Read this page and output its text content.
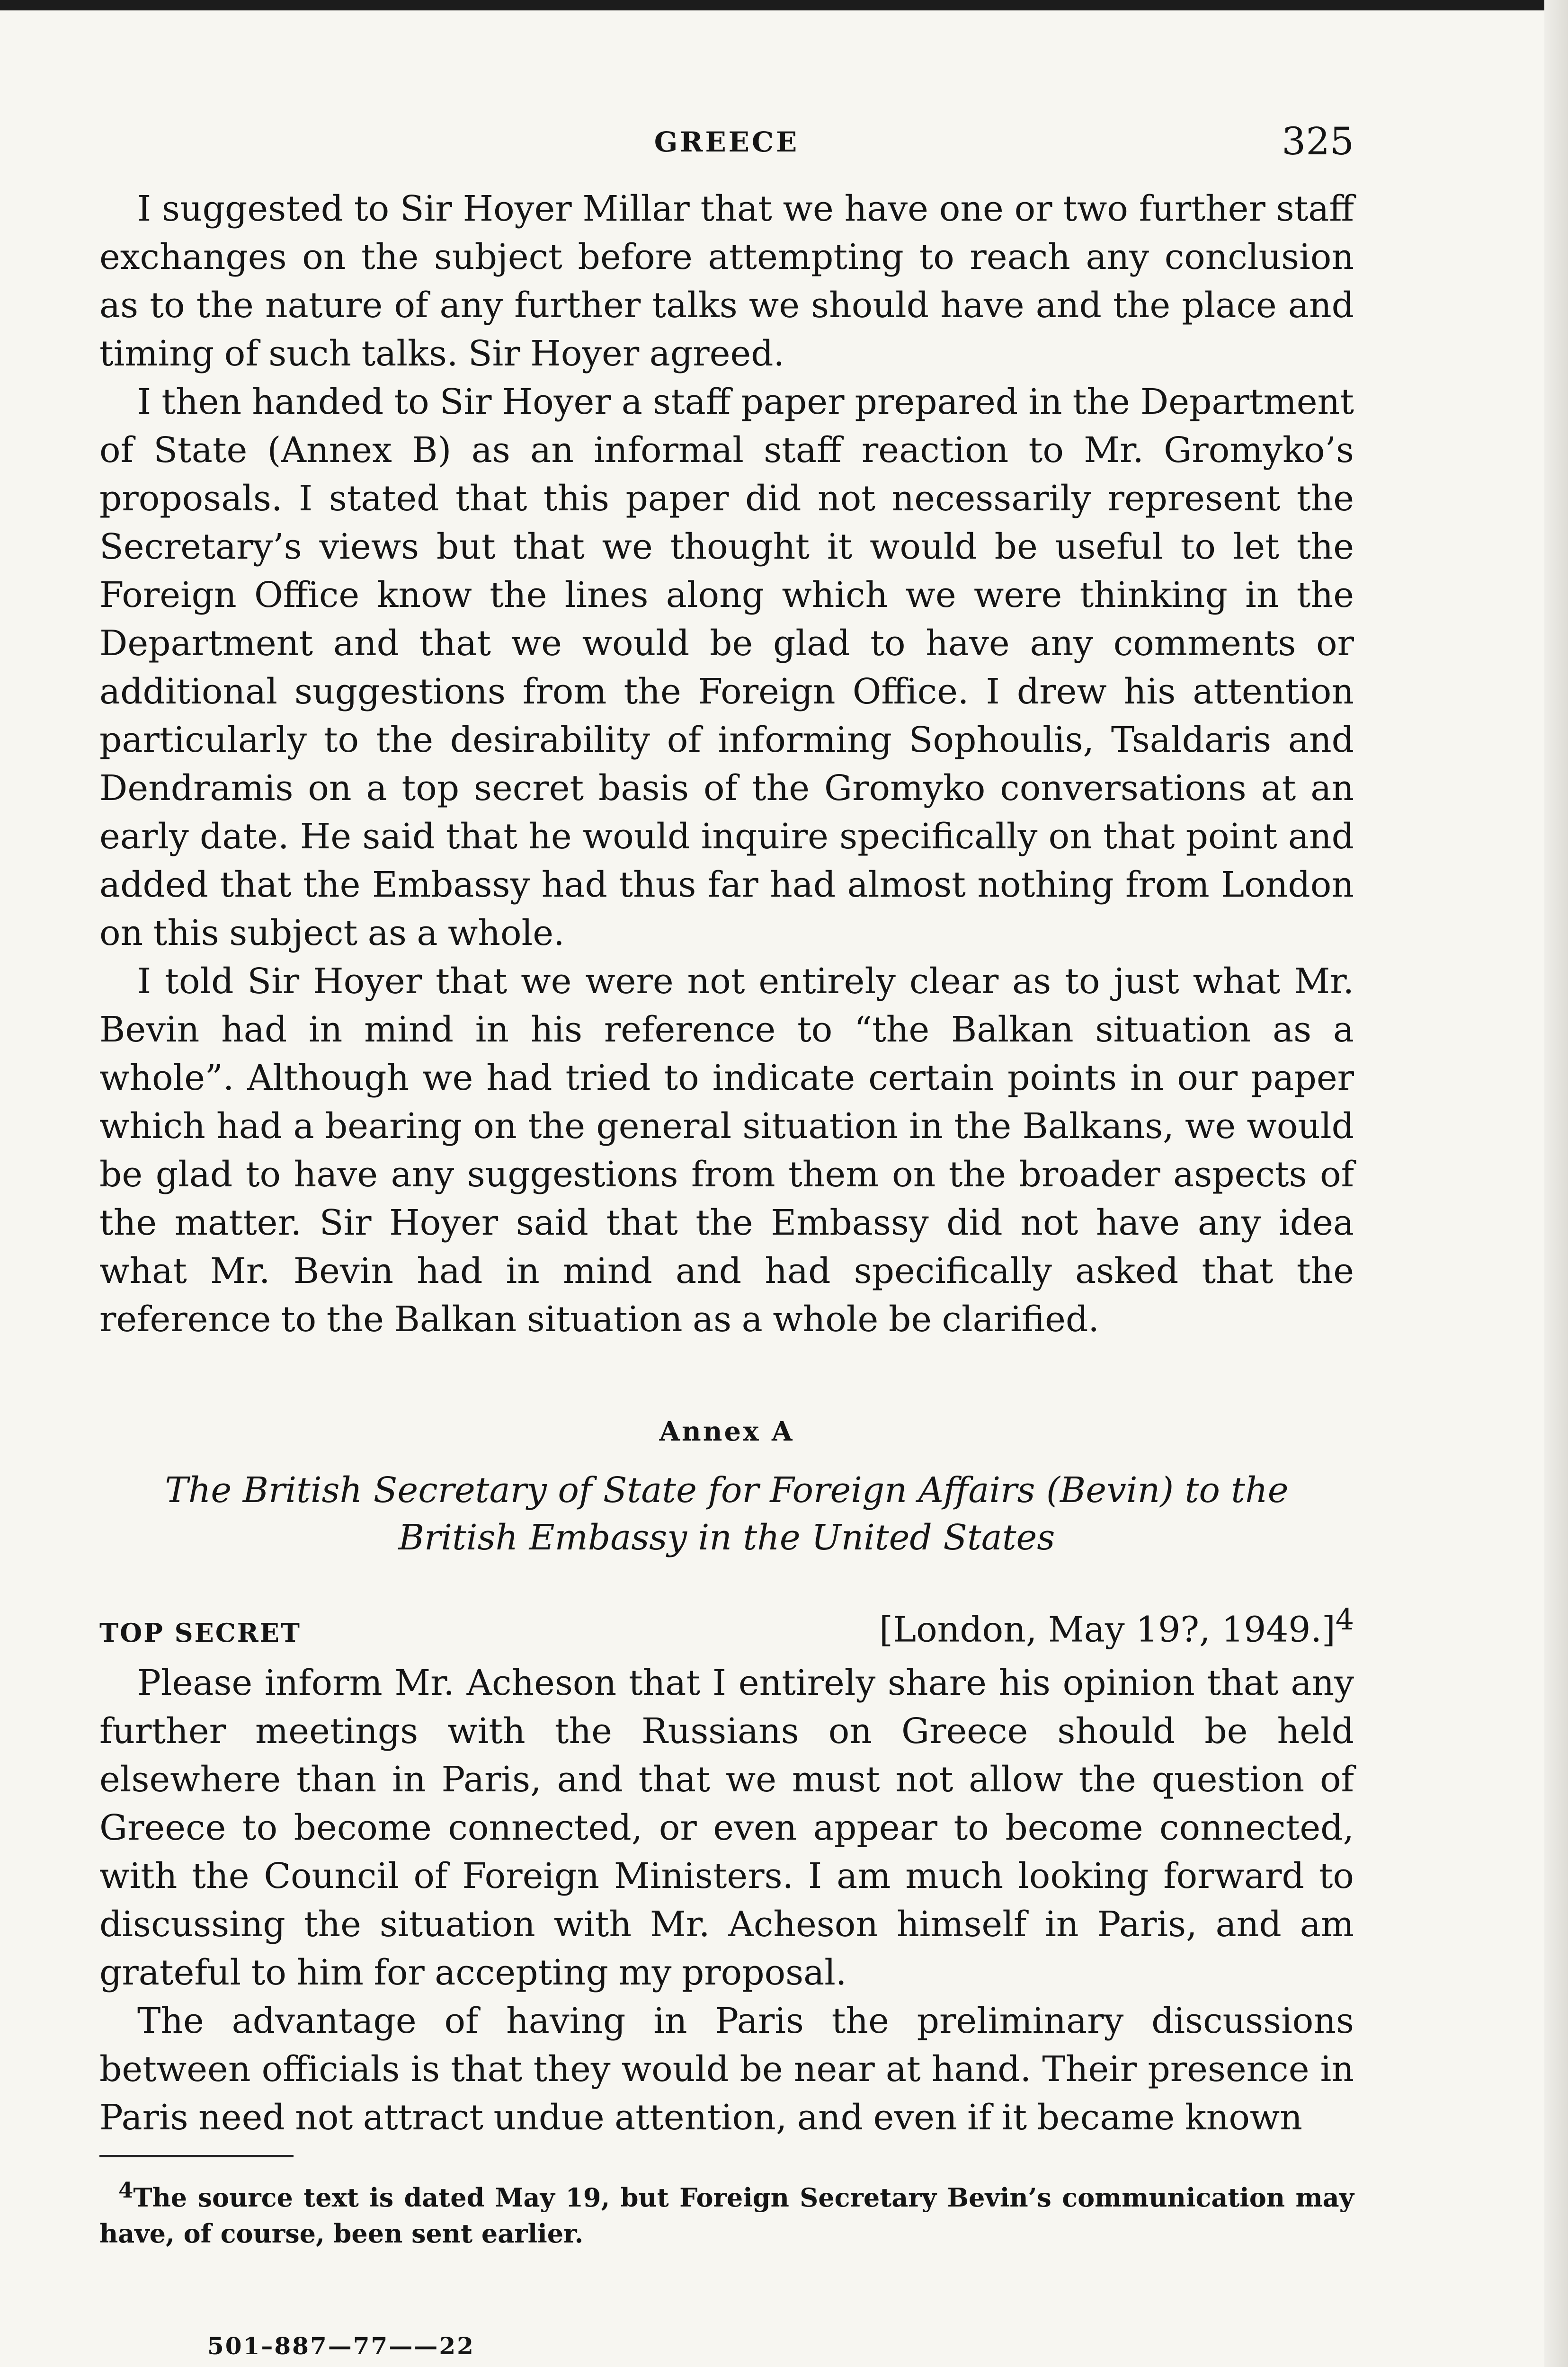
GREECE	325

I suggested to Sir Hoyer Millar that we have one or two further staff exchanges on the subject before attempting to reach any conclusion as to the nature of any further talks we should have and the place and timing of such talks. Sir Hoyer agreed.

I then handed to Sir Hoyer a staff paper prepared in the Department of State (Annex B) as an informal staff reaction to Mr. Gromyko’s proposals. I stated that this paper did not necessarily represent the Secretary’s views but that we thought it would be useful to let the Foreign Office know the lines along which we were thinking in the Department and that we would be glad to have any comments or additional suggestions from the Foreign Office. I drew his attention particularly to the desirability of informing Sophoulis, Tsaldaris and Dendramis on a top secret basis of the Gromyko conversations at an early date. He said that he would inquire specifically on that point and added that the Embassy had thus far had almost nothing from London on this subject as a whole.

I told Sir Hoyer that we were not entirely clear as to just what Mr. Bevin had in mind in his reference to “the Balkan situation as a whole”. Although we had tried to indicate certain points in our paper which had a bearing on the general situation in the Balkans, we would be glad to have any suggestions from them on the broader aspects of the matter. Sir Hoyer said that the Embassy did not have any idea what Mr. Bevin had in mind and had specifically asked that the reference to the Balkan situation as a whole be clarified.

Annex A
The British Secretary of State for Foreign Affairs (Bevin) to the British Embassy in the United States
TOP SECRET	[London, May 19?, 1949.]$^4$

Please inform Mr. Acheson that I entirely share his opinion that any further meetings with the Russians on Greece should be held elsewhere than in Paris, and that we must not allow the question of Greece to become connected, or even appear to become connected, with the Council of Foreign Ministers. I am much looking forward to discussing the situation with Mr. Acheson himself in Paris, and am grateful to him for accepting my proposal.

The advantage of having in Paris the preliminary discussions between officials is that they would be near at hand. Their presence in Paris need not attract undue attention, and even if it became known

$^4$The source text is dated May 19, but Foreign Secretary Bevin’s communication may have, of course, been sent earlier.

501–887—77——22
